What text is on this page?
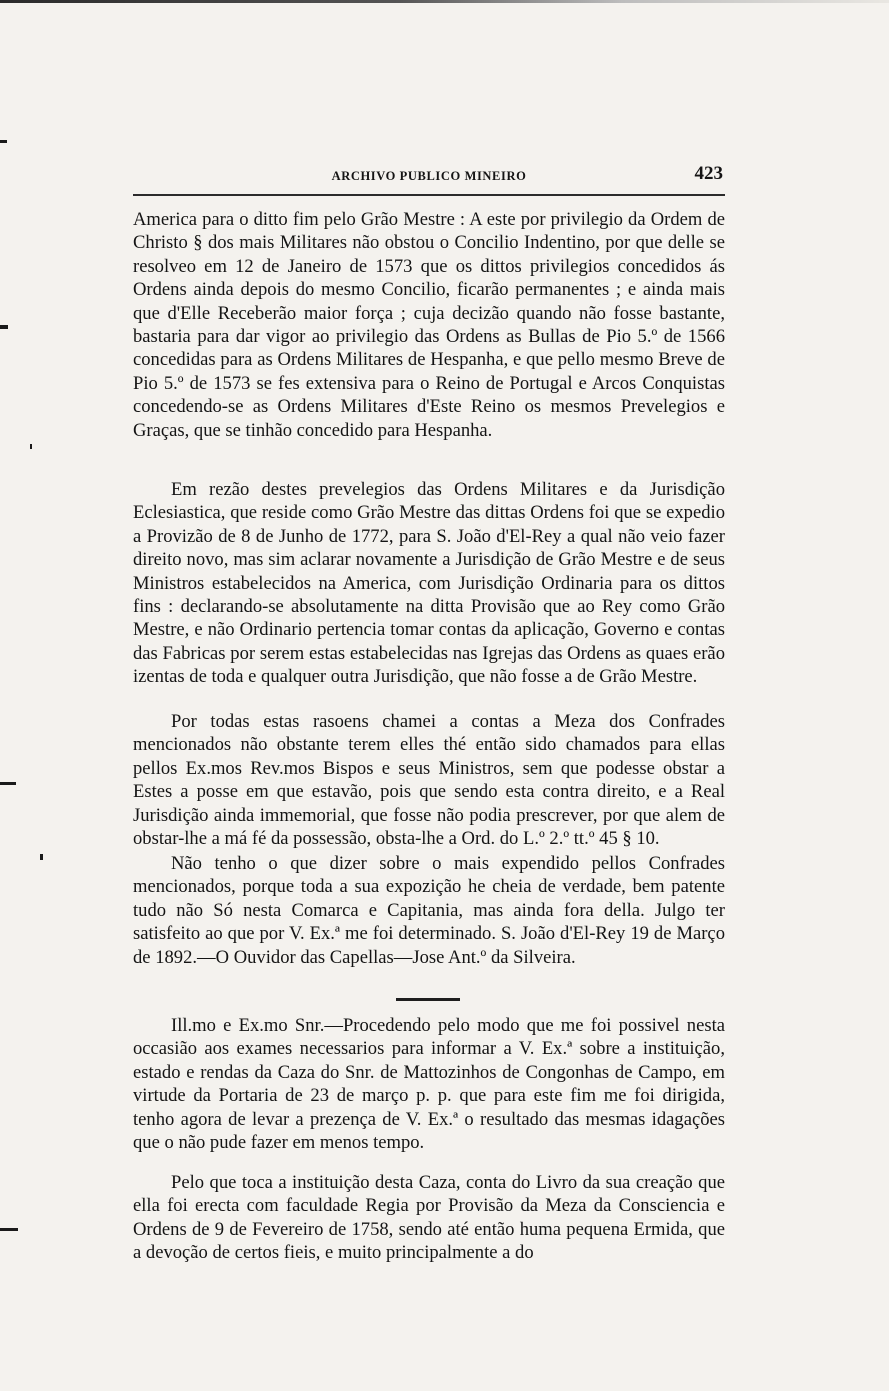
ARCHIVO PUBLICO MINEIRO	423

America para o ditto fim pelo Grão Mestre : A este por privilegio da Ordem de Christo § dos mais Militares não obstou o Concilio Indentino, por que delle se resolveo em 12 de Janeiro de 1573 que os dittos privilegios concedidos ás Ordens ainda depois do mesmo Concilio, ficarão permanentes ; e ainda mais que d'Elle Receberão maior força ; cuja decizão quando não fosse bastante, bastaria para dar vigor ao privilegio das Ordens as Bullas de Pio 5.º de 1566 concedidas para as Ordens Militares de Hespanha, e que pello mesmo Breve de Pio 5.º de 1573 se fes extensiva para o Reino de Portugal e Arcos Conquistas concedendo-se as Ordens Militares d'Este Reino os mesmos Prevelegios e Graças, que se tinhão concedido para Hespanha.

Em rezão destes prevelegios das Ordens Militares e da Jurisdição Eclesiastica, que reside como Grão Mestre das dittas Ordens foi que se expedio a Provizão de 8 de Junho de 1772, para S. João d'El-Rey a qual não veio fazer direito novo, mas sim aclarar novamente a Jurisdição de Grão Mestre e de seus Ministros estabelecidos na America, com Jurisdição Ordinaria para os dittos fins : declarando-se absolutamente na ditta Provisão que ao Rey como Grão Mestre, e não Ordinario pertencia tomar contas da aplicação, Governo e contas das Fabricas por serem estas estabelecidas nas Igrejas das Ordens as quaes erão izentas de toda e qualquer outra Jurisdição, que não fosse a de Grão Mestre.

Por todas estas rasoens chamei a contas a Meza dos Confrades mencionados não obstante terem elles thé então sido chamados para ellas pellos Ex.mos Rev.mos Bispos e seus Ministros, sem que podesse obstar a Estes a posse em que estavão, pois que sendo esta contra direito, e a Real Jurisdição ainda immemorial, que fosse não podia prescrever, por que alem de obstar-lhe a má fé da possessão, obsta-lhe a Ord. do L.º 2.º tt.º 45 § 10.

Não tenho o que dizer sobre o mais expendido pellos Confrades mencionados, porque toda a sua expozição he cheia de verdade, bem patente tudo não Só nesta Comarca e Capitania, mas ainda fora della. Julgo ter satisfeito ao que por V. Ex.ª me foi determinado. S. João d'El-Rey 19 de Março de 1892.—O Ouvidor das Capellas—Jose Ant.º da Silveira.

Ill.mo e Ex.mo Snr.—Procedendo pelo modo que me foi possivel nesta occasião aos exames necessarios para informar a V. Ex.ª sobre a instituição, estado e rendas da Caza do Snr. de Mattozinhos de Congonhas de Campo, em virtude da Portaria de 23 de março p. p. que para este fim me foi dirigida, tenho agora de levar a prezença de V. Ex.ª o resultado das mesmas idagações que o não pude fazer em menos tempo.

Pelo que toca a instituição desta Caza, conta do Livro da sua creação que ella foi erecta com faculdade Regia por Provisão da Meza da Consciencia e Ordens de 9 de Fevereiro de 1758, sendo até então huma pequena Ermida, que a devoção de certos fieis, e muito principalmente a do
